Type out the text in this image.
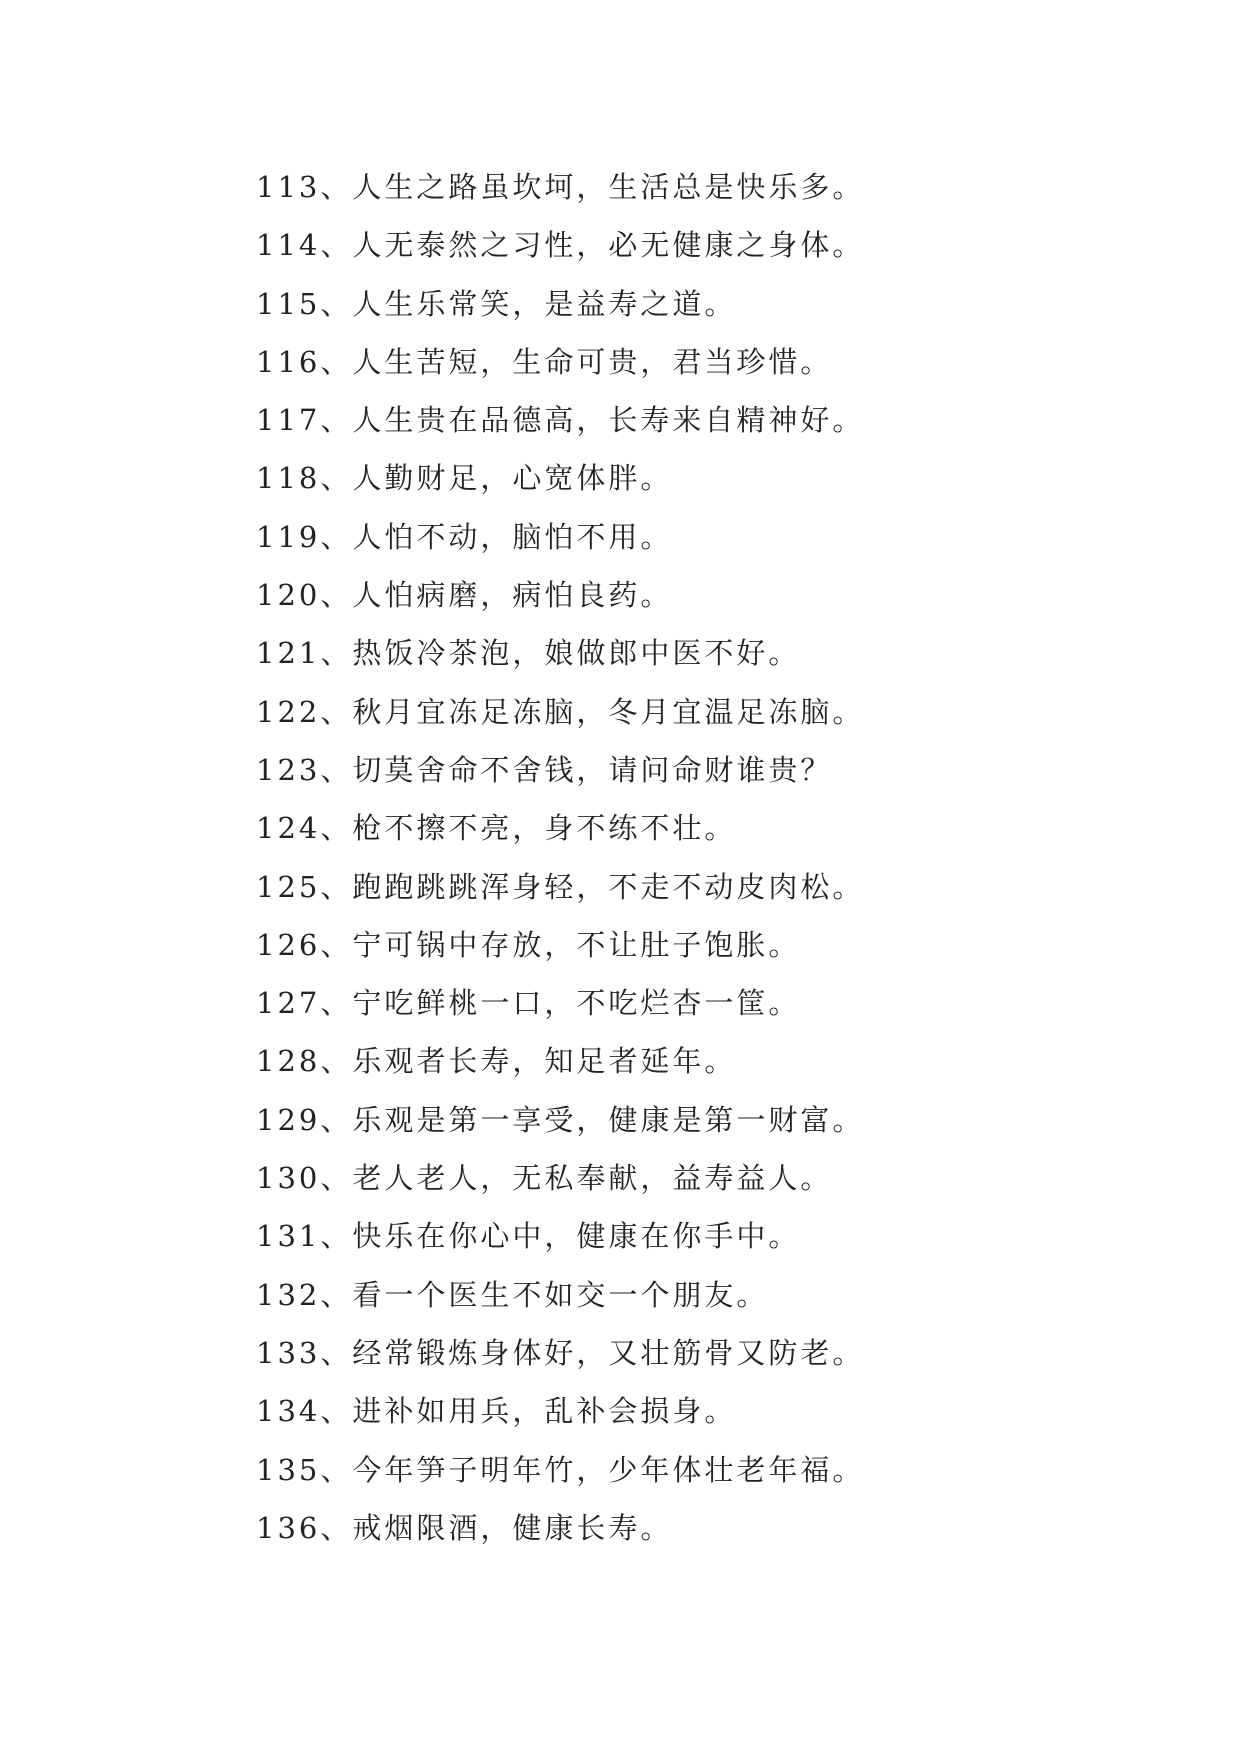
113、人生之路虽坎坷，生活总是快乐多。
114、人无泰然之习性，必无健康之身体。
115、人生乐常笑，是益寿之道。
116、人生苦短，生命可贵，君当珍惜。
117、人生贵在品德高，长寿来自精神好。
118、人勤财足，心宽体胖。
119、人怕不动，脑怕不用。
120、人怕病磨，病怕良药。
121、热饭冷茶泡，娘做郎中医不好。
122、秋月宜冻足冻脑，冬月宜温足冻脑。
123、切莫舍命不舍钱，请问命财谁贵？
124、枪不擦不亮，身不练不壮。
125、跑跑跳跳浑身轻，不走不动皮肉松。
126、宁可锅中存放，不让肚子饱胀。
127、宁吃鲜桃一口，不吃烂杏一筐。
128、乐观者长寿，知足者延年。
129、乐观是第一享受，健康是第一财富。
130、老人老人，无私奉献，益寿益人。
131、快乐在你心中，健康在你手中。
132、看一个医生不如交一个朋友。
133、经常锻炼身体好，又壮筋骨又防老。
134、进补如用兵，乱补会损身。
135、今年笋子明年竹，少年体壮老年福。
136、戒烟限酒，健康长寿。
